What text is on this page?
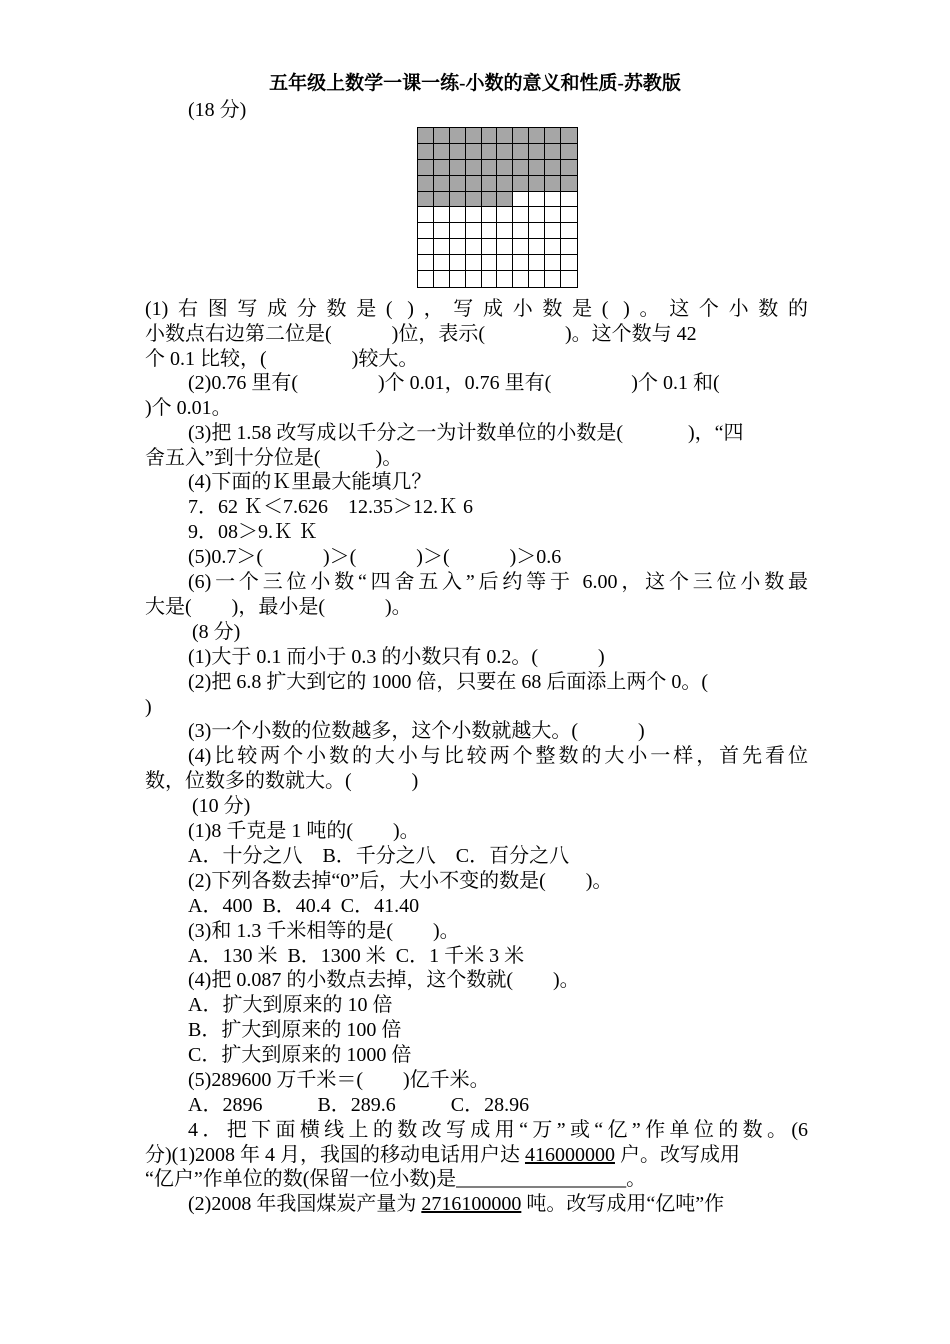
五年级上数学一课一练-小数的意义和性质-苏教版
(18 分)

(1)右图写成分数是( )，写成小数是( )。这个小数的

小数点右边第二位是(            )位，表示(                )。这个数与 42

个 0.1 比较，(                 )较大。

(2)0.76 里有(                )个 0.01，0.76 里有(                )个 0.1 和(

)个 0.01。

(3)把 1.58 改写成以千分之一为计数单位的小数是(             )，“四

舍五入”到十分位是(           )。

(4)下面的Ｋ里最大能填几？

7．62 Ｋ＜7.626    12.35＞12.Ｋ 6

9．08＞9.Ｋ Ｋ

(5)0.7＞(            )＞(            )＞(            )＞0.6

(6)一个三位小数“四舍五入”后约等于 6.00，这个三位小数最

大是(        )，最小是(            )。

(8 分)

(1)大于 0.1 而小于 0.3 的小数只有 0.2。(            )

(2)把 6.8 扩大到它的 1000 倍，只要在 68 后面添上两个 0。(

)

(3)一个小数的位数越多，这个小数就越大。(            )

(4)比较两个小数的大小与比较两个整数的大小一样，首先看位

数，位数多的数就大。(            )

(10 分)

(1)8 千克是 1 吨的(        )。

A．十分之八    B．千分之八    C．百分之八

(2)下列各数去掉“0”后，大小不变的数是(        )。

A．400  B．40.4  C．41.40

(3)和 1.3 千米相等的是(        )。

A．130 米  B．1300 米  C．1 千米 3 米

(4)把 0.087 的小数点去掉，这个数就(        )。

A．扩大到原来的 10 倍

B．扩大到原来的 100 倍

C．扩大到原来的 1000 倍

(5)289600 万千米＝(        )亿千米。

A．2896           B．289.6           C．28.96

4．把下面横线上的数改写成用“万”或“亿”作单位的数。(6

分)(1)2008 年 4 月，我国的移动电话用户达 416000000 户。改写成用

“亿户”作单位的数(保留一位小数)是_________________。

(2)2008 年我国煤炭产量为 2716100000 吨。改写成用“亿吨”作
